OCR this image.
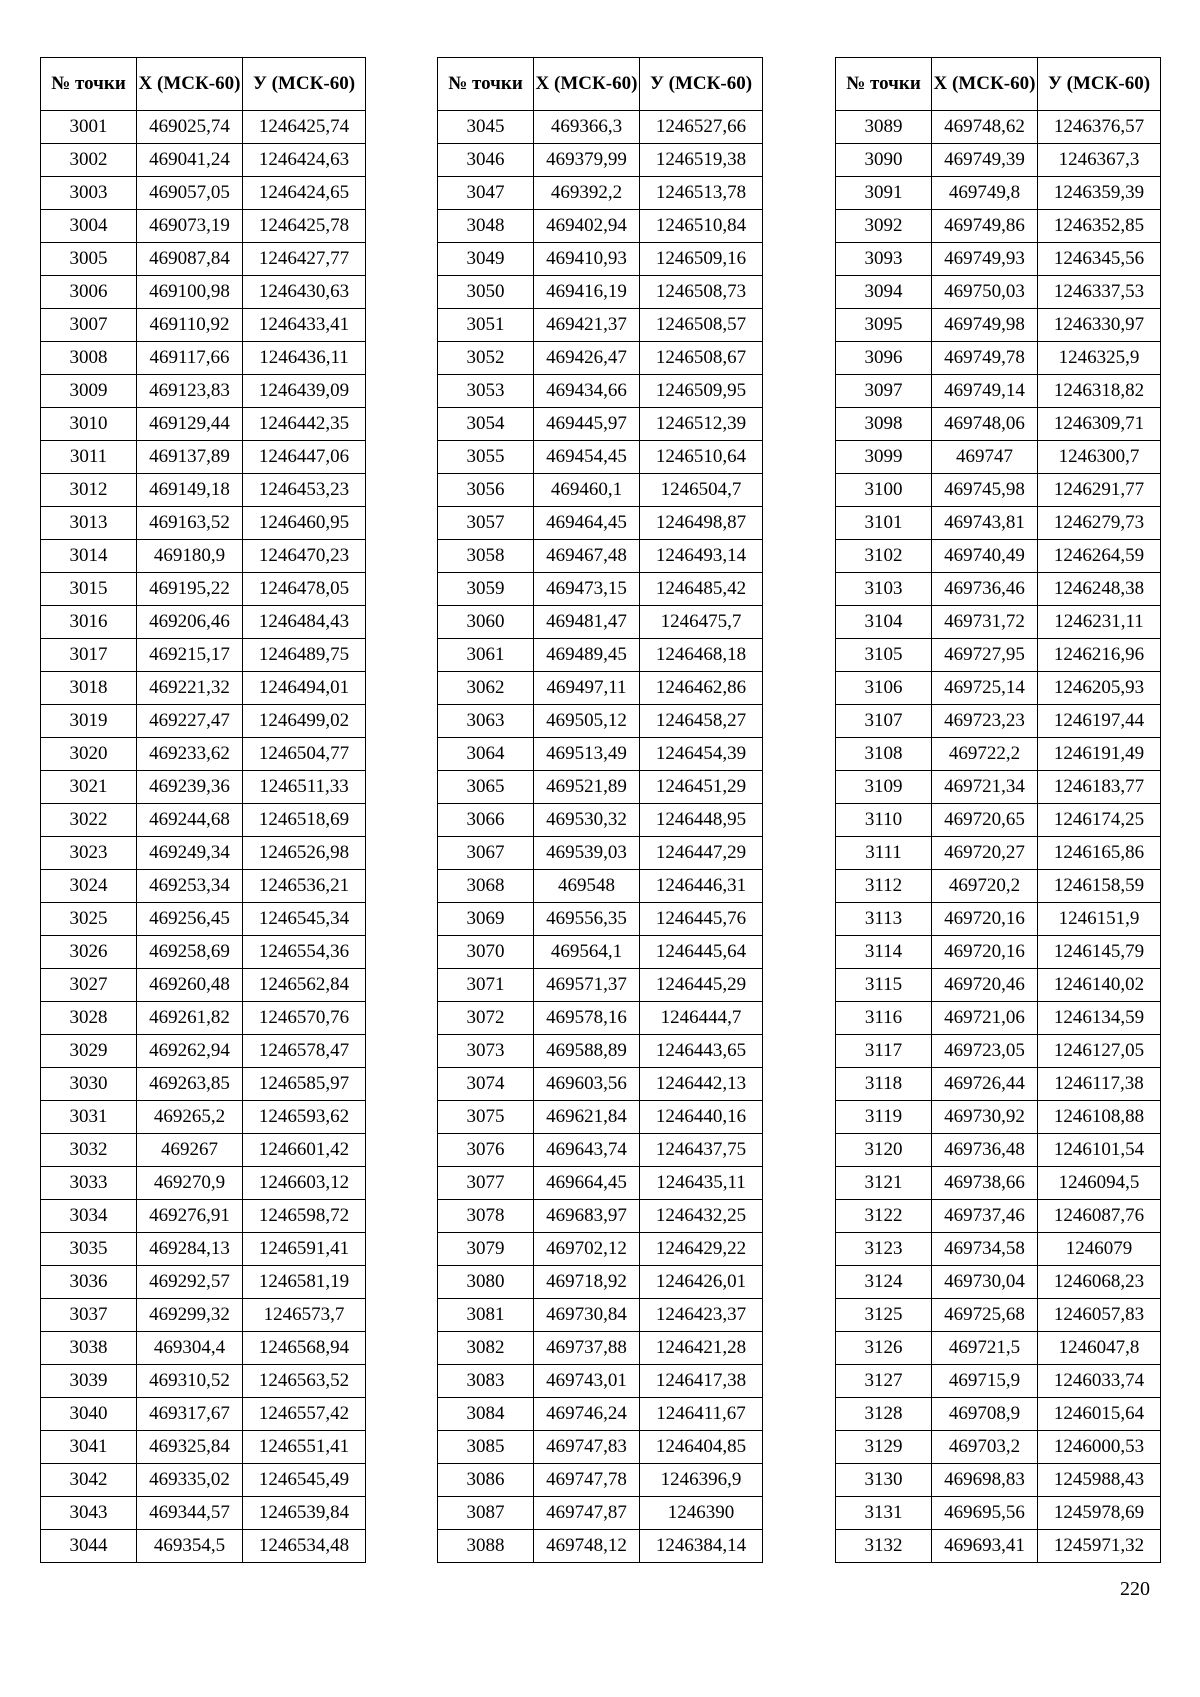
№ точки	X (МСК-60)	У (МСК-60)
3001	469025,74	1246425,74
3002	469041,24	1246424,63
3003	469057,05	1246424,65
3004	469073,19	1246425,78
3005	469087,84	1246427,77
3006	469100,98	1246430,63
3007	469110,92	1246433,41
3008	469117,66	1246436,11
3009	469123,83	1246439,09
3010	469129,44	1246442,35
3011	469137,89	1246447,06
3012	469149,18	1246453,23
3013	469163,52	1246460,95
3014	469180,9	1246470,23
3015	469195,22	1246478,05
3016	469206,46	1246484,43
3017	469215,17	1246489,75
3018	469221,32	1246494,01
3019	469227,47	1246499,02
3020	469233,62	1246504,77
3021	469239,36	1246511,33
3022	469244,68	1246518,69
3023	469249,34	1246526,98
3024	469253,34	1246536,21
3025	469256,45	1246545,34
3026	469258,69	1246554,36
3027	469260,48	1246562,84
3028	469261,82	1246570,76
3029	469262,94	1246578,47
3030	469263,85	1246585,97
3031	469265,2	1246593,62
3032	469267	1246601,42
3033	469270,9	1246603,12
3034	469276,91	1246598,72
3035	469284,13	1246591,41
3036	469292,57	1246581,19
3037	469299,32	1246573,7
3038	469304,4	1246568,94
3039	469310,52	1246563,52
3040	469317,67	1246557,42
3041	469325,84	1246551,41
3042	469335,02	1246545,49
3043	469344,57	1246539,84
3044	469354,5	1246534,48
№ точки	X (МСК-60)	У (МСК-60)
3045	469366,3	1246527,66
3046	469379,99	1246519,38
3047	469392,2	1246513,78
3048	469402,94	1246510,84
3049	469410,93	1246509,16
3050	469416,19	1246508,73
3051	469421,37	1246508,57
3052	469426,47	1246508,67
3053	469434,66	1246509,95
3054	469445,97	1246512,39
3055	469454,45	1246510,64
3056	469460,1	1246504,7
3057	469464,45	1246498,87
3058	469467,48	1246493,14
3059	469473,15	1246485,42
3060	469481,47	1246475,7
3061	469489,45	1246468,18
3062	469497,11	1246462,86
3063	469505,12	1246458,27
3064	469513,49	1246454,39
3065	469521,89	1246451,29
3066	469530,32	1246448,95
3067	469539,03	1246447,29
3068	469548	1246446,31
3069	469556,35	1246445,76
3070	469564,1	1246445,64
3071	469571,37	1246445,29
3072	469578,16	1246444,7
3073	469588,89	1246443,65
3074	469603,56	1246442,13
3075	469621,84	1246440,16
3076	469643,74	1246437,75
3077	469664,45	1246435,11
3078	469683,97	1246432,25
3079	469702,12	1246429,22
3080	469718,92	1246426,01
3081	469730,84	1246423,37
3082	469737,88	1246421,28
3083	469743,01	1246417,38
3084	469746,24	1246411,67
3085	469747,83	1246404,85
3086	469747,78	1246396,9
3087	469747,87	1246390
3088	469748,12	1246384,14
№ точки	X (МСК-60)	У (МСК-60)
3089	469748,62	1246376,57
3090	469749,39	1246367,3
3091	469749,8	1246359,39
3092	469749,86	1246352,85
3093	469749,93	1246345,56
3094	469750,03	1246337,53
3095	469749,98	1246330,97
3096	469749,78	1246325,9
3097	469749,14	1246318,82
3098	469748,06	1246309,71
3099	469747	1246300,7
3100	469745,98	1246291,77
3101	469743,81	1246279,73
3102	469740,49	1246264,59
3103	469736,46	1246248,38
3104	469731,72	1246231,11
3105	469727,95	1246216,96
3106	469725,14	1246205,93
3107	469723,23	1246197,44
3108	469722,2	1246191,49
3109	469721,34	1246183,77
3110	469720,65	1246174,25
3111	469720,27	1246165,86
3112	469720,2	1246158,59
3113	469720,16	1246151,9
3114	469720,16	1246145,79
3115	469720,46	1246140,02
3116	469721,06	1246134,59
3117	469723,05	1246127,05
3118	469726,44	1246117,38
3119	469730,92	1246108,88
3120	469736,48	1246101,54
3121	469738,66	1246094,5
3122	469737,46	1246087,76
3123	469734,58	1246079
3124	469730,04	1246068,23
3125	469725,68	1246057,83
3126	469721,5	1246047,8
3127	469715,9	1246033,74
3128	469708,9	1246015,64
3129	469703,2	1246000,53
3130	469698,83	1245988,43
3131	469695,56	1245978,69
3132	469693,41	1245971,32
220
